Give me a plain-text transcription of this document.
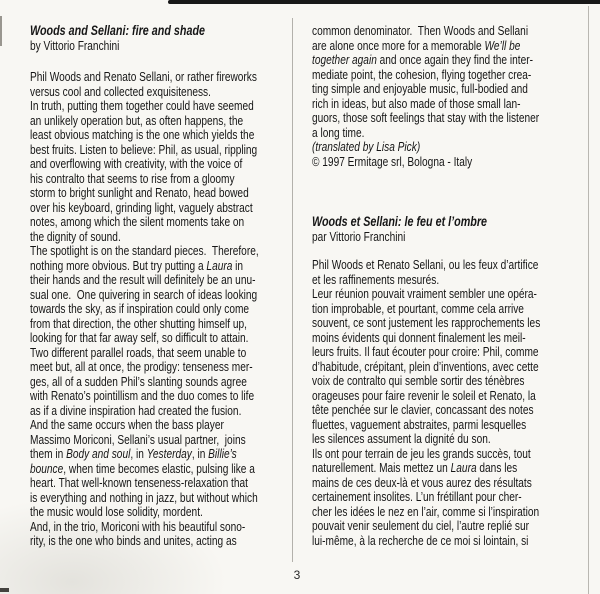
Woods and Sellani: fire and shade
by Vittorio Franchini
Phil Woods and Renato Sellani, or rather fireworks
versus cool and collected exquisiteness.
In truth, putting them together could have seemed
an unlikely operation but, as often happens, the
least obvious matching is the one which yields the
best fruits. Listen to believe: Phil, as usual, rippling
and overflowing with creativity, with the voice of
his contralto that seems to rise from a gloomy
storm to bright sunlight and Renato, head bowed
over his keyboard, grinding light, vaguely abstract
notes, among which the silent moments take on
the dignity of sound.
The spotlight is on the standard pieces.  Therefore,
nothing more obvious. But try putting a Laura in
their hands and the result will definitely be an unu-
sual one.  One quivering in search of ideas looking
towards the sky, as if inspiration could only come
from that direction, the other shutting himself up,
looking for that far away self, so difficult to attain.
Two different parallel roads, that seem unable to
meet but, all at once, the prodigy: tenseness mer-
ges, all of a sudden Phil’s slanting sounds agree
with Renato’s pointillism and the duo comes to life
as if a divine inspiration had created the fusion.
And the same occurs when the bass player
Massimo Moriconi, Sellani’s usual partner,  joins
them in Body and soul, in Yesterday, in Billie’s
bounce, when time becomes elastic, pulsing like a
heart. That well-known tenseness-relaxation that
is everything and nothing in jazz, but without which
the music would lose solidity, mordent.
And, in the trio, Moriconi with his beautiful sono-
rity, is the one who binds and unites, acting as
common denominator.  Then Woods and Sellani
are alone once more for a memorable We’ll be
together again and once again they find the inter-
mediate point, the cohesion, flying together crea-
ting simple and enjoyable music, full-bodied and
rich in ideas, but also made of those small lan-
guors, those soft feelings that stay with the listener
a long time.
(translated by Lisa Pick)
© 1997 Ermitage srl, Bologna - Italy
Woods et Sellani: le feu et l’ombre
par Vittorio Franchini
Phil Woods et Renato Sellani, ou les feux d’artifice
et les raffinements mesurés.
Leur réunion pouvait vraiment sembler une opéra-
tion improbable, et pourtant, comme cela arrive
souvent, ce sont justement les rapprochements les
moins évidents qui donnent finalement les meil-
leurs fruits. Il faut écouter pour croire: Phil, comme
d’habitude, crépitant, plein d’inventions, avec cette
voix de contralto qui semble sortir des ténèbres
orageuses pour faire revenir le soleil et Renato, la
tête penchée sur le clavier, concassant des notes
fluettes, vaguement abstraites, parmi lesquelles
les silences assument la dignité du son.
Ils ont pour terrain de jeu les grands succès, tout
naturellement. Mais mettez un Laura dans les
mains de ces deux-là et vous aurez des résultats
certainement insolites. L’un frétillant pour cher-
cher les idées le nez en l’air, comme si l’inspiration
pouvait venir seulement du ciel, l’autre replié sur
lui-même, à la recherche de ce moi si lointain, si
3
